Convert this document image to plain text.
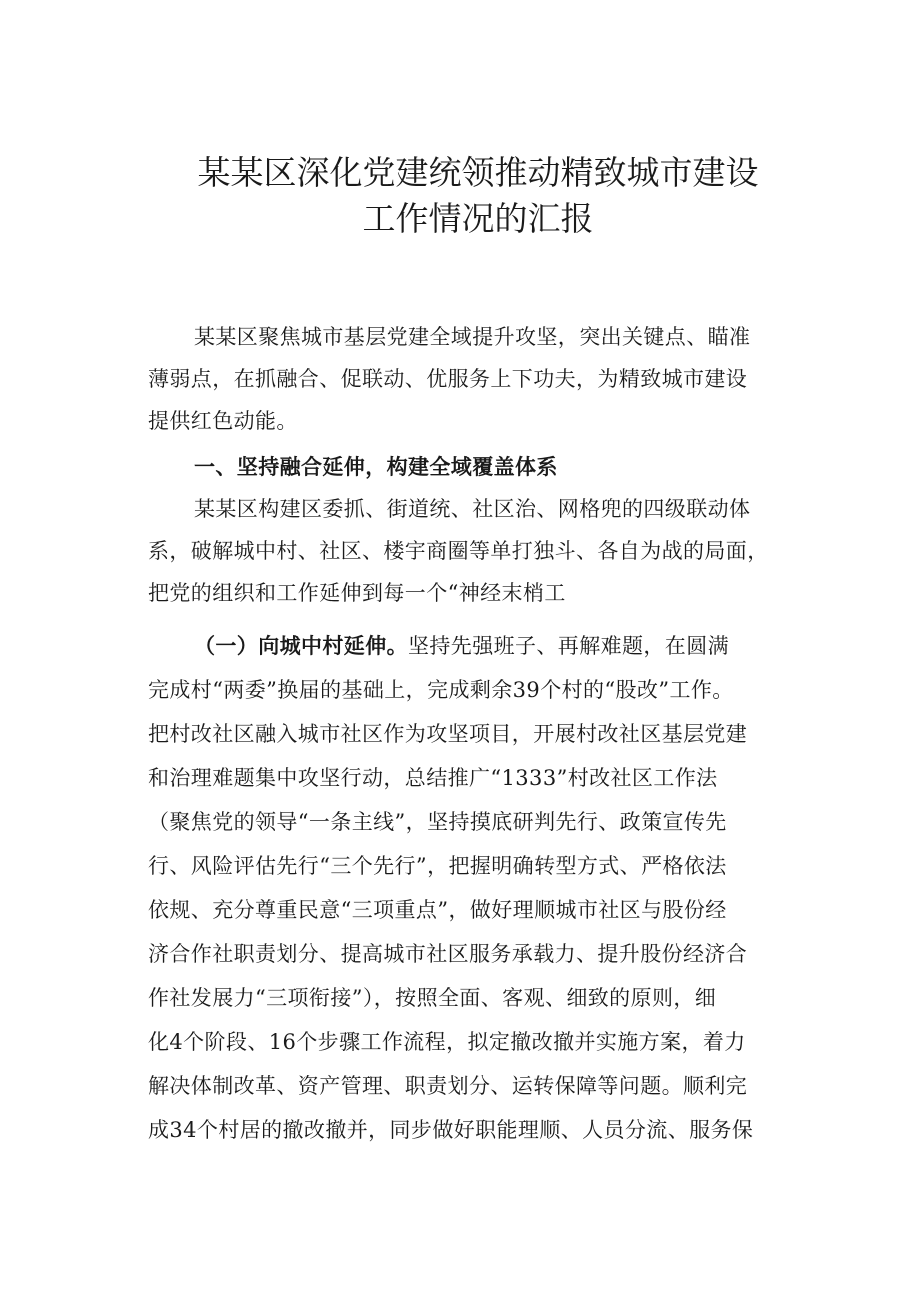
某某区深化党建统领推动精致城市建设
工作情况的汇报

某某区聚焦城市基层党建全域提升攻坚，突出关键点、瞄准
薄弱点，在抓融合、促联动、优服务上下功夫，为精致城市建设
提供红色动能。

一、坚持融合延伸，构建全域覆盖体系

某某区构建区委抓、街道统、社区治、网格兜的四级联动体
系，破解城中村、社区、楼宇商圈等单打独斗、各自为战的局面，
把党的组织和工作延伸到每一个“神经末梢工

（一）向城中村延伸。坚持先强班子、再解难题，在圆满
完成村“两委”换届的基础上，完成剩余39个村的“股改”工作。
把村改社区融入城市社区作为攻坚项目，开展村改社区基层党建
和治理难题集中攻坚行动，总结推广“1333”村改社区工作法
（聚焦党的领导“一条主线”，坚持摸底研判先行、政策宣传先
行、风险评估先行“三个先行”，把握明确转型方式、严格依法
依规、充分尊重民意“三项重点”，做好理顺城市社区与股份经
济合作社职责划分、提高城市社区服务承载力、提升股份经济合
作社发展力“三项衔接”），按照全面、客观、细致的原则，细
化4个阶段、16个步骤工作流程，拟定撤改撤并实施方案，着力
解决体制改革、资产管理、职责划分、运转保障等问题。顺利完
成34个村居的撤改撤并，同步做好职能理顺、人员分流、服务保
